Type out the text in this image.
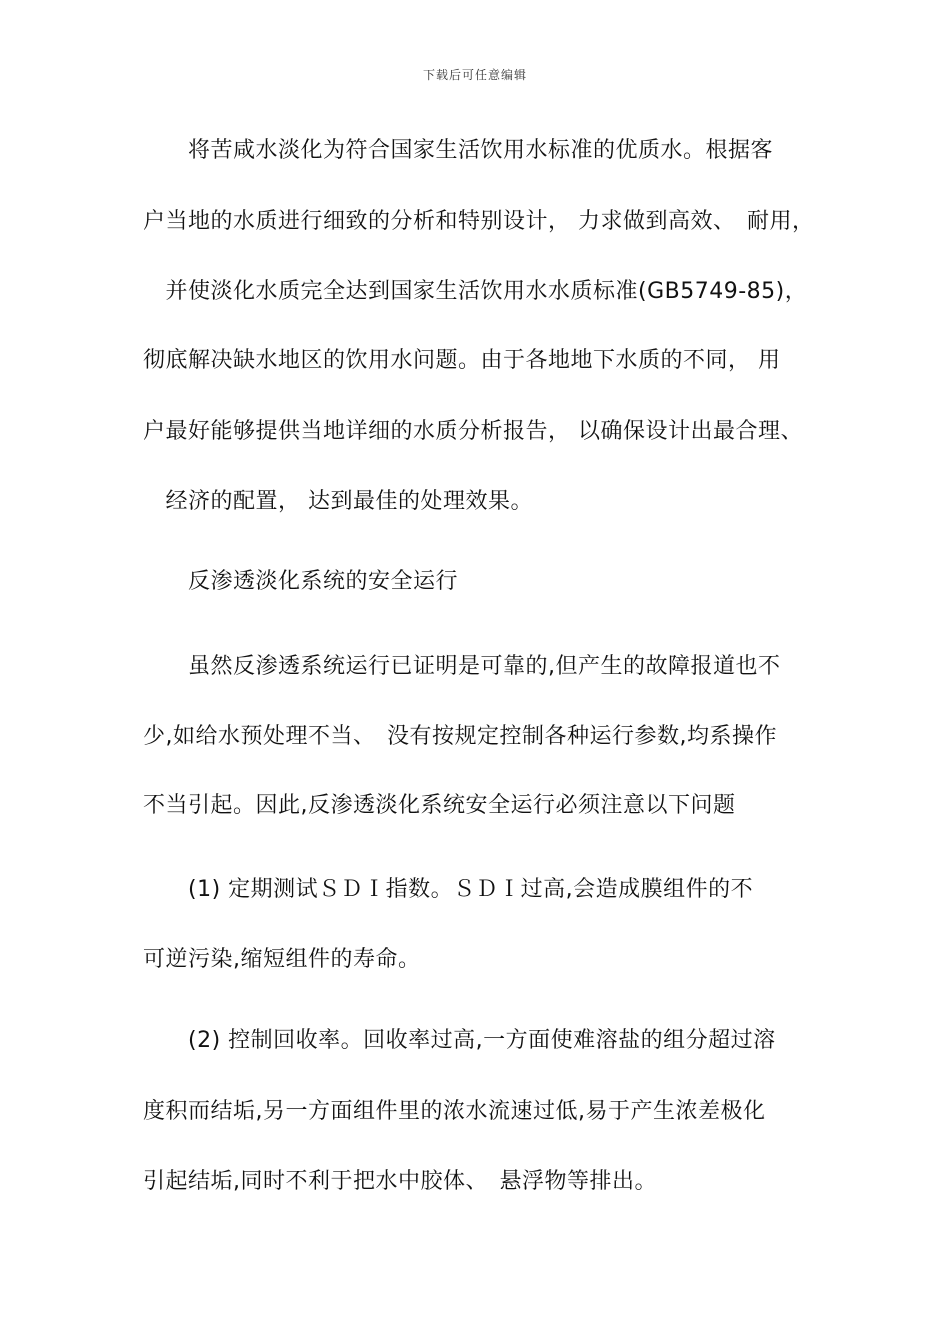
下载后可任意编辑
　　将苦咸水淡化为符合国家生活饮用水标准的优质水。根据客
户当地的水质进行细致的分析和特别设计， 力求做到高效、　耐用，
　并使淡化水质完全达到国家生活饮用水水质标准(GB5749-85)，
彻底解决缺水地区的饮用水问题。由于各地地下水质的不同， 用
户最好能够提供当地详细的水质分析报告， 以确保设计出最合理、
　经济的配置， 达到最佳的处理效果。
　　反渗透淡化系统的安全运行
　　虽然反渗透系统运行已证明是可靠的,但产生的故障报道也不
少,如给水预处理不当、　没有按规定控制各种运行参数,均系操作
不当引起。因此,反渗透淡化系统安全运行必须注意以下问题
　　(1) 定期测试ＳＤＩ指数。ＳＤＩ过高,会造成膜组件的不
可逆污染,缩短组件的寿命。
　　(2) 控制回收率。回收率过高,一方面使难溶盐的组分超过溶
度积而结垢,另一方面组件里的浓水流速过低,易于产生浓差极化
引起结垢,同时不利于把水中胶体、　悬浮物等排出。
